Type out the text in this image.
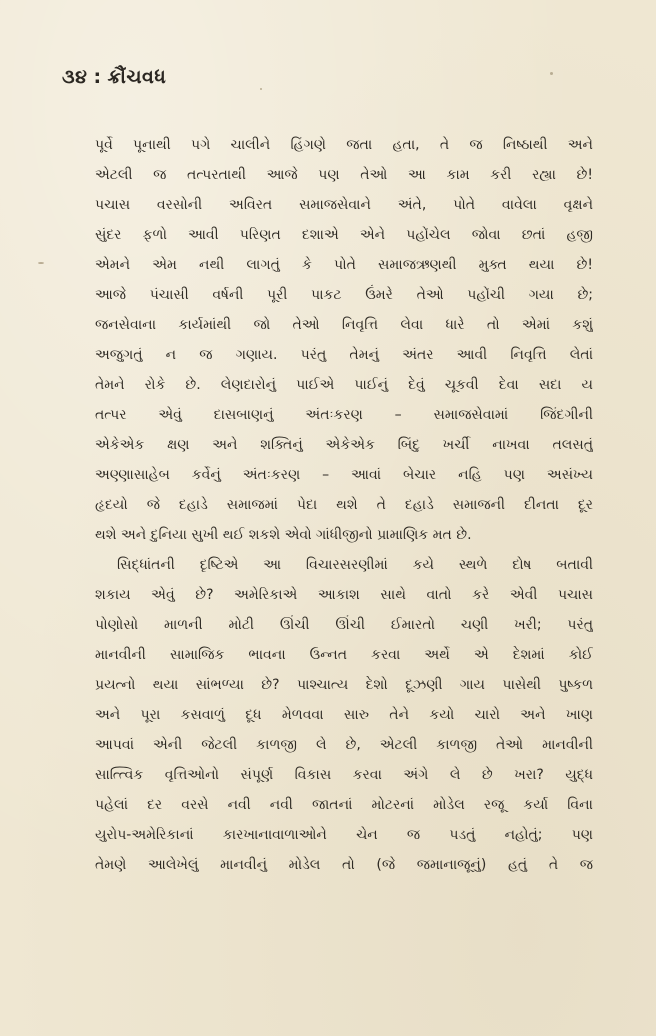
૩૪ : ક્રૌંચવધ
પૂર્વે પૂનાથી પગે ચાલીને હિંગણે જતા હતા, તે જ નિષ્ઠાથી અને
એટલી જ તત્પરતાથી આજે પણ તેઓ આ કામ કરી રહ્યા છે!
પચાસ વરસોની અવિરત સમાજસેવાને અંતે, પોતે વાવેલા વૃક્ષને
સુંદર ફળો આવી પરિણત દશાએ એને પહોંચેલ જોવા છતાં હજી
એમને એમ નથી લાગતું કે પોતે સમાજઋણથી મુક્ત થયા છે!
આજે પંચાસી વર્ષની પૂરી પાકટ ઉંમરે તેઓ પહોંચી ગયા છે;
જનસેવાના કાર્યમાંથી જો તેઓ નિવૃત્તિ લેવા ધારે તો એમાં કશું
અજુગતું ન જ ગણાય. પરંતુ તેમનું અંતર આવી નિવૃત્તિ લેતાં
તેમને રોકે છે. લેણદારોનું પાઈએ પાઈનું દેવું ચૂકવી દેવા સદા ય
તત્પર એવું દાસબાણનું અંતઃકરણ – સમાજસેવામાં જિંદગીની
એકેએક ક્ષણ અને શક્તિનું એકેએક બિંદુ ખર્ચી નાખવા તલસતું
અણ્ણાસાહેબ કર્વેનું અંતઃકરણ – આવાં બેચાર નહિ પણ અસંખ્ય
હૃદયો જે દહાડે સમાજમાં પેદા થશે તે દહાડે સમાજની દીનતા દૂર
થશે અને દુનિયા સુખી થઈ શકશે એવો ગાંધીજીનો પ્રામાણિક મત છે.
સિદ્ધાંતની દૃષ્ટિએ આ વિચારસરણીમાં કયે સ્થળે દોષ બતાવી
શકાય એવું છે? અમેરિકાએ આકાશ સાથે વાતો કરે એવી પચાસ
પોણોસો માળની મોટી ઊંચી ઊંચી ઈમારતો ચણી ખરી; પરંતુ
માનવીની સામાજિક ભાવના ઉન્નત કરવા અર્થે એ દેશમાં કોઈ
પ્રયત્નો થયા સાંભળ્યા છે? પાશ્ચાત્ય દેશો દૂઝણી ગાય પાસેથી પુષ્કળ
અને પૂરા કસવાળું દૂધ મેળવવા સારુ તેને કયો ચારો અને ખાણ
આપવાં એની જેટલી કાળજી લે છે, એટલી કાળજી તેઓ માનવીની
સાત્ત્વિક વૃત્તિઓનો સંપૂર્ણ વિકાસ કરવા અંગે લે છે ખરા? યુદ્ધ
પહેલાં દર વરસે નવી નવી જાતનાં મોટરનાં મોડેલ રજૂ કર્યા વિના
યુરોપ-અમેરિકાનાં કારખાનાવાળાઓને ચેન જ પડતું નહોતું; પણ
તેમણે આલેખેલું માનવીનું મોડેલ તો (જે જમાનાજૂનું) હતું તે જ
